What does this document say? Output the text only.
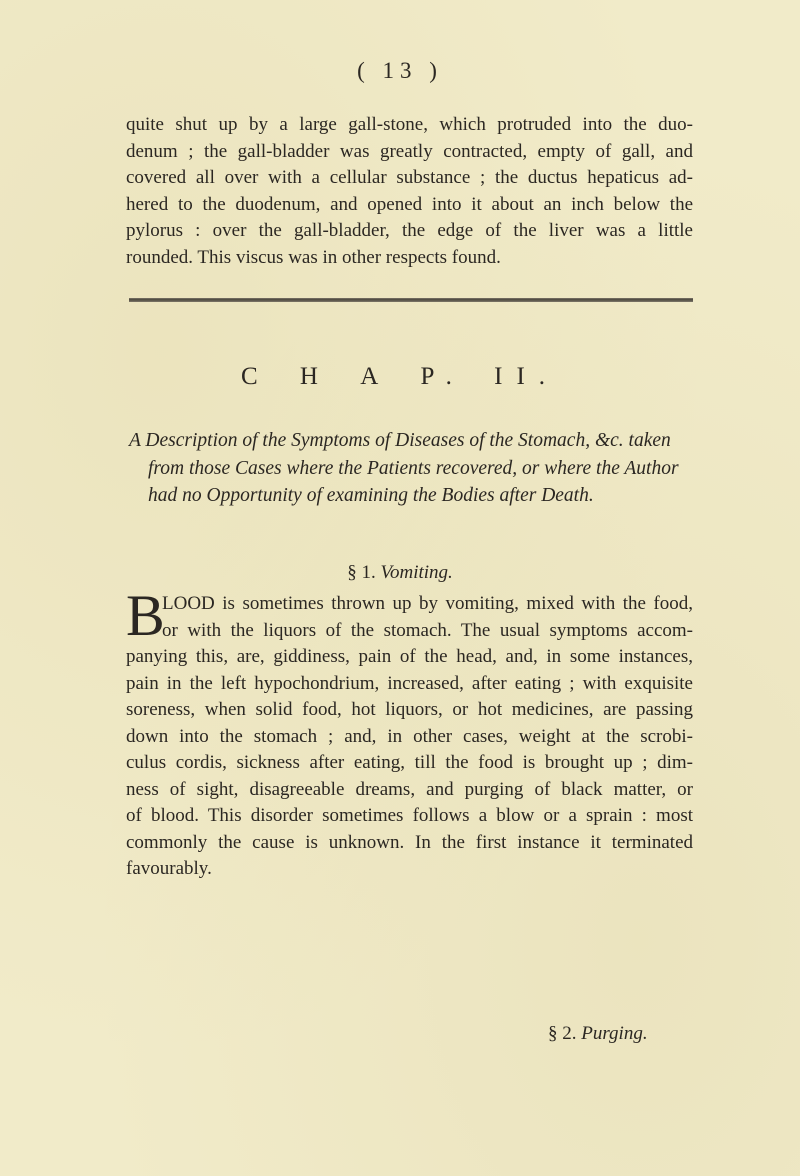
( 13 )
quite shut up by a large gall-stone, which protruded into the duo-
denum ; the gall-bladder was greatly contracted, empty of gall, and
covered all over with a cellular substance ; the ductus hepaticus ad-
hered to the duodenum, and opened into it about an inch below the
pylorus : over the gall-bladder, the edge of the liver was a little
rounded. This viscus was in other respects found.
C H A P. II.
A Description of the Symptoms of Diseases of the Stomach, &c. taken
from those Cases where the Patients recovered, or where the Author
had no Opportunity of examining the Bodies after Death.
§ 1. Vomiting.
B
LOOD is sometimes thrown up by vomiting, mixed with the food,
or with the liquors of the stomach. The usual symptoms accom-
panying this, are, giddiness, pain of the head, and, in some instances,
pain in the left hypochondrium, increased, after eating ; with exquisite
soreness, when solid food, hot liquors, or hot medicines, are passing
down into the stomach ; and, in other cases, weight at the scrobi-
culus cordis, sickness after eating, till the food is brought up ; dim-
ness of sight, disagreeable dreams, and purging of black matter, or
of blood. This disorder sometimes follows a blow or a sprain : most
commonly the cause is unknown. In the first instance it terminated
favourably.
§ 2. Purging.
